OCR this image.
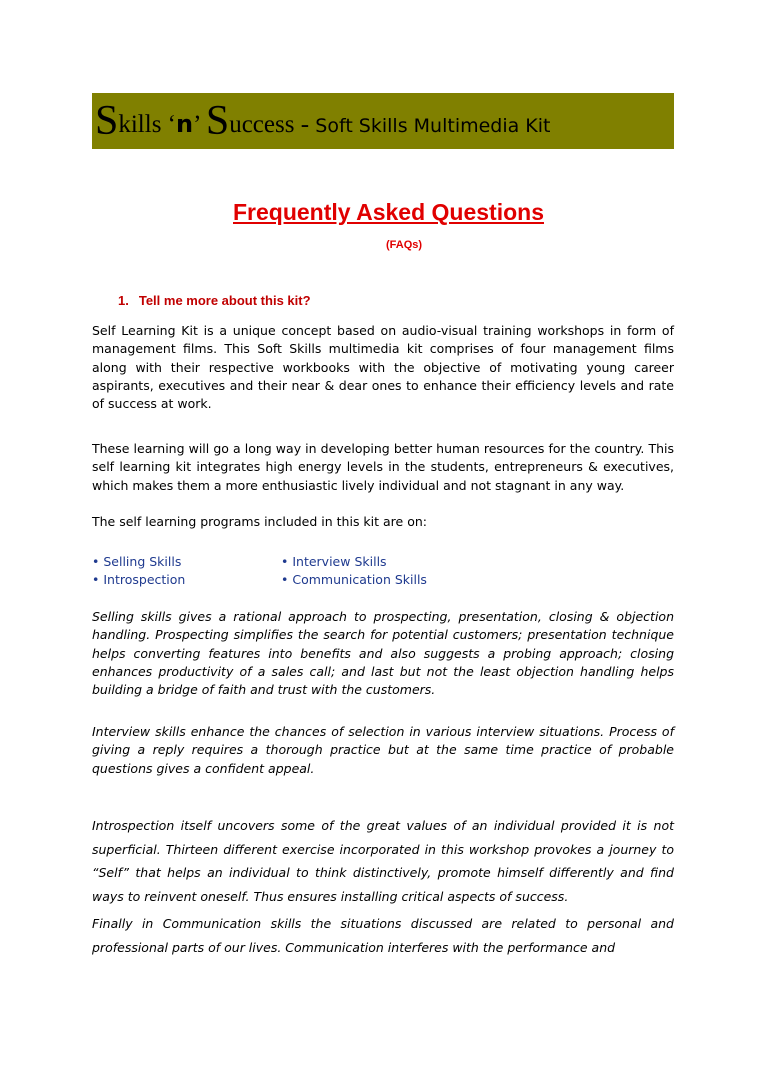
Skills ‘n’ Success - Soft Skills Multimedia Kit
Frequently Asked Questions
(FAQs)
1. Tell me more about this kit?

Self Learning Kit is a unique concept based on audio-visual training workshops in form of management films. This Soft Skills multimedia kit comprises of four management films along with their respective workbooks with the objective of motivating young career aspirants, executives and their near & dear ones to enhance their efficiency levels and rate of success at work.

These learning will go a long way in developing better human resources for the country. This self learning kit integrates high energy levels in the students, entrepreneurs & executives, which makes them a more enthusiastic lively individual and not stagnant in any way.

The self learning programs included in this kit are on:

• Selling Skills	• Interview Skills
• Introspection	• Communication Skills

Selling skills gives a rational approach to prospecting, presentation, closing & objection handling. Prospecting simplifies the search for potential customers; presentation technique helps converting features into benefits and also suggests a probing approach; closing enhances productivity of a sales call; and last but not the least objection handling helps building a bridge of faith and trust with the customers.

Interview skills enhance the chances of selection in various interview situations. Process of giving a reply requires a thorough practice but at the same time practice of probable questions gives a confident appeal.

Introspection itself uncovers some of the great values of an individual provided it is not superficial. Thirteen different exercise incorporated in this workshop provokes a journey to “Self” that helps an individual to think distinctively, promote himself differently and find ways to reinvent oneself. Thus ensures installing critical aspects of success.

Finally in Communication skills the situations discussed are related to personal and professional parts of our lives. Communication interferes with the performance and
